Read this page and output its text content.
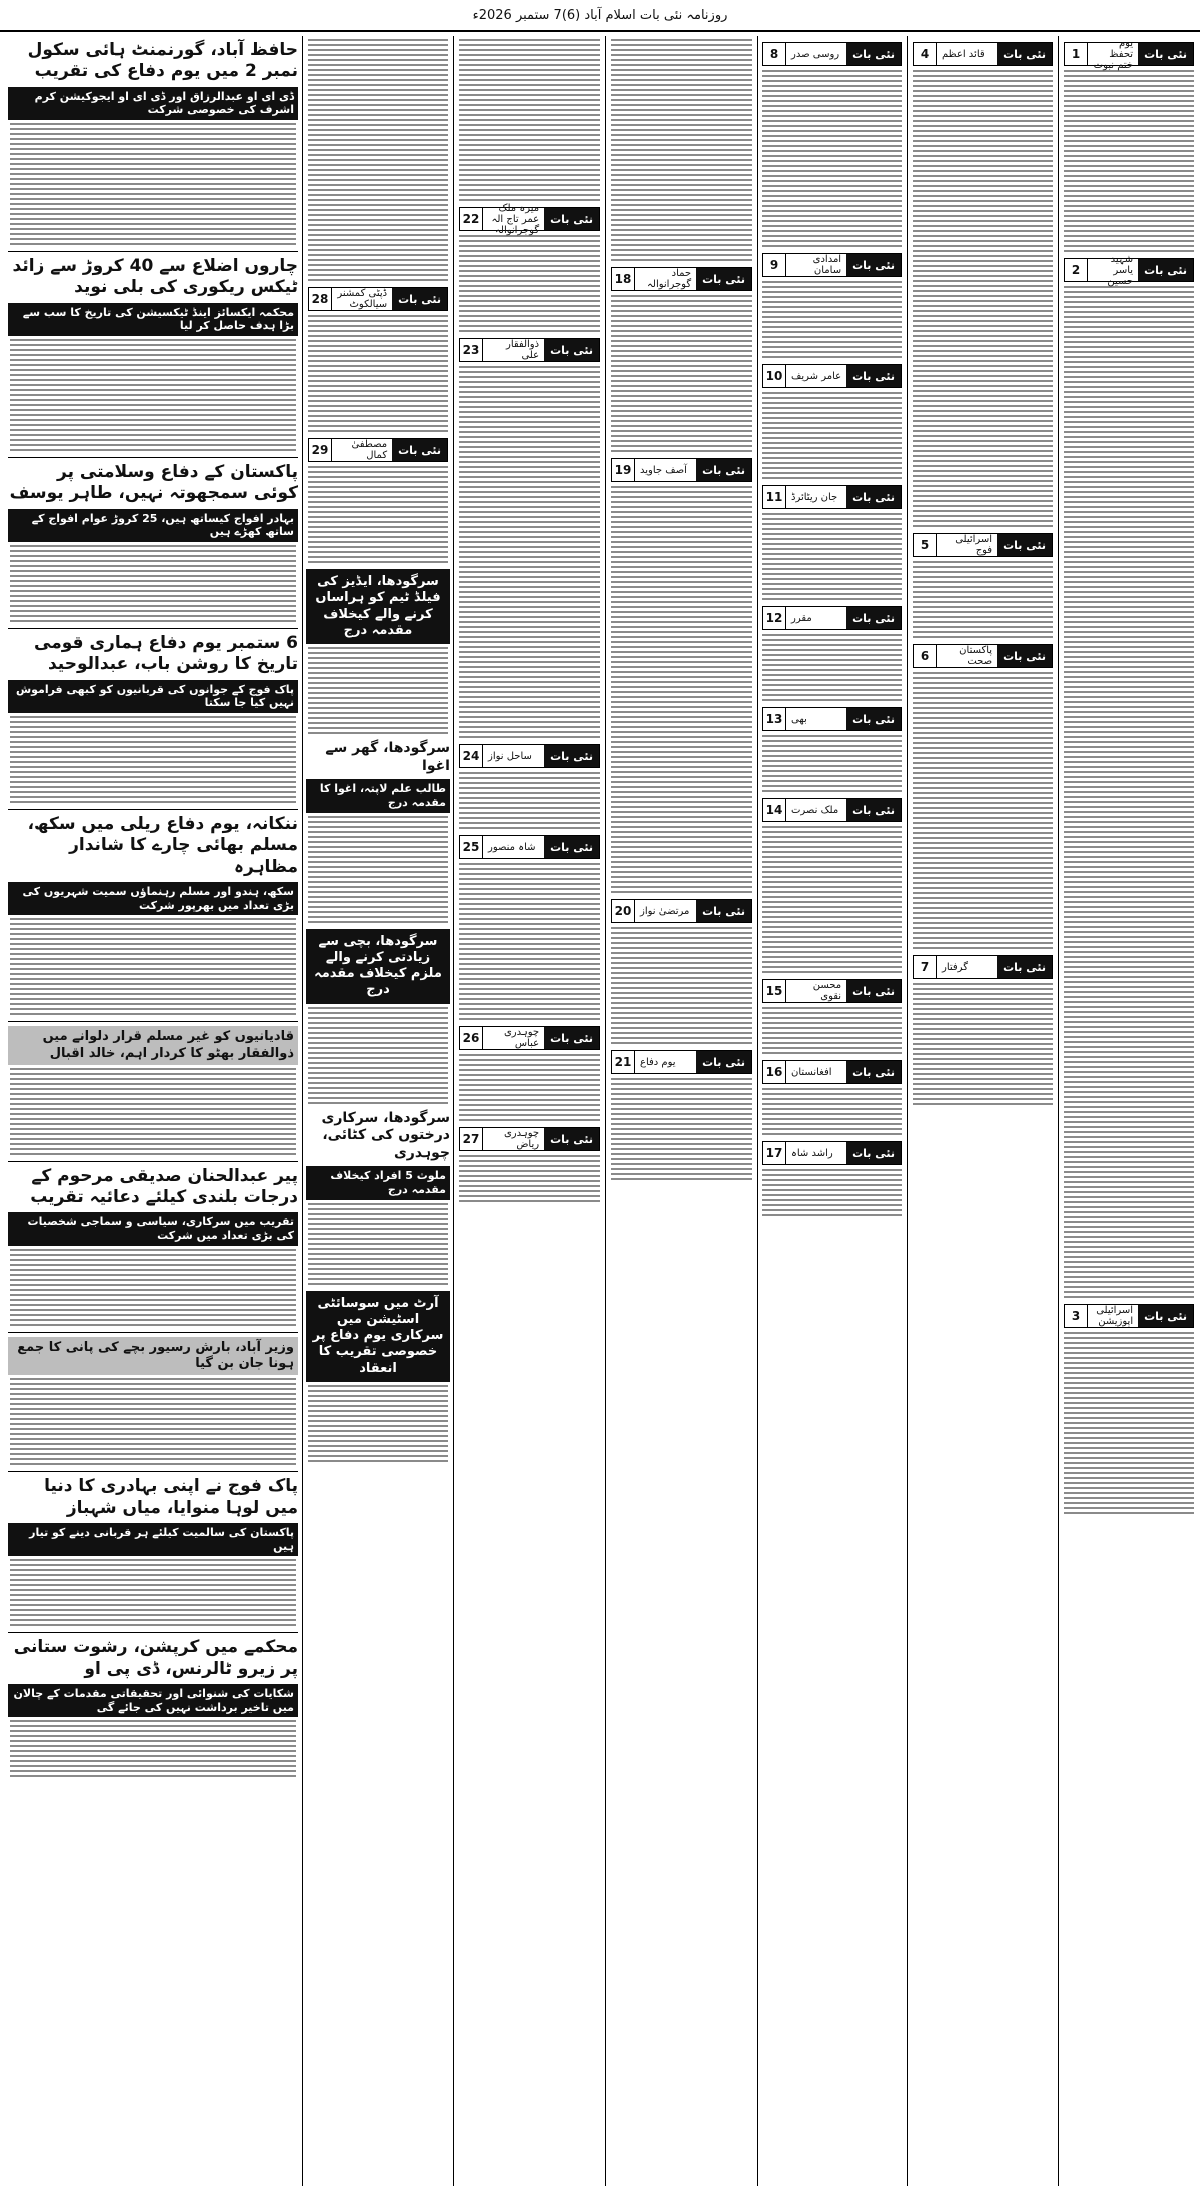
روزنامہ نئی بات اسلام آباد (6)7 ستمبر 2026ء
حافظ آباد، گورنمنٹ ہائی سکول نمبر 2 میں یوم دفاع کی تقریب
ڈی ای او عبدالرزاق اور ڈی ای او ایجوکیشن کرم اشرف کی خصوصی شرکت
چاروں اضلاع سے 40 کروڑ سے زائد ٹیکس ریکوری کی بلی نوید
محکمہ ایکسائز اینڈ ٹیکسیشن کی تاریخ کا سب سے بڑا ہدف حاصل کر لیا
پاکستان کے دفاع وسلامتی پر کوئی سمجھوتہ نہیں، طاہر یوسف
بہادر افواج کیساتھ ہیں، 25 کروڑ عوام افواج کے ساتھ کھڑے ہیں
6 ستمبر یوم دفاع ہماری قومی تاریخ کا روشن باب، عبدالوحید
پاک فوج کے جوانوں کی قربانیوں کو کبھی فراموش نہیں کیا جا سکتا
ننکانہ، یوم دفاع ریلی میں سکھ، مسلم بھائی چارے کا شاندار مظاہرہ
سکھ، ہندو اور مسلم رہنماؤں سمیت شہریوں کی بڑی تعداد میں بھرپور شرکت
قادیانیوں کو غیر مسلم قرار دلوانے میں ذوالفقار بھٹو کا کردار اہم، خالد اقبال
پیر عبدالحنان صدیقی مرحوم کے درجات بلندی کیلئے دعائیہ تقریب
تقریب میں سرکاری، سیاسی و سماجی شخصیات کی بڑی تعداد میں شرکت
وزیر آباد، بارش رسیور بچے کی پانی کا جمع ہونا جان بن گیا
پاک فوج نے اپنی بہادری کا دنیا میں لوہا منوایا، میاں شہباز
پاکستان کی سالمیت کیلئے ہر قربانی دینے کو تیار ہیں
محکمے میں کرپشن، رشوت ستانی پر زیرو ٹالرنس، ڈی پی او
شکایات کی شنوائی اور تحقیقاتی مقدمات کے چالان میں تاخیر برداشت نہیں کی جائے گی
نئی بات
ڈپٹی کمشنر سیالکوٹ
28
نئی بات
مصطفیٰ کمال
29
سرگودھا، ایڈیز کی فیلڈ ٹیم کو ہراساں کرنے والے کیخلاف مقدمہ درج
سرگودھا، گھر سے اغوا
طالب علم لاپتہ، اغوا کا مقدمہ درج
سرگودھا، بچی سے زیادتی کرنے والے ملزم کیخلاف مقدمہ درج
سرگودھا، سرکاری درختوں کی کٹائی، چوہدری
ملوث 5 افراد کیخلاف مقدمہ درج
آرٹ میں سوسائٹی اسٹیشن میں سرکاری یوم دفاع پر خصوصی تقریب کا انعقاد
نئی بات
میرہ ملک عمر تاج الہ گوجرانوالہ
22
نئی بات
ذوالفقار علی
23
نئی بات
ساحل نواز
24
نئی بات
شاہ منصور
25
نئی بات
چوہدری عباس
26
نئی بات
چوہدری ریاض
27
نئی بات
حماد گوجرانوالہ
18
نئی بات
آصف جاوید
19
نئی بات
مرتضیٰ نواز
20
نئی بات
یوم دفاع
21
نئی بات
روسی صدر
8
نئی بات
امدادی سامان
9
نئی بات
عامر شریف
10
نئی بات
جان ریٹائرڈ
11
نئی بات
مقرر
12
نئی بات
بھی
13
نئی بات
ملک نصرت
14
نئی بات
محسن نقوی
15
نئی بات
افغانستان
16
نئی بات
راشد شاہ
17
نئی بات
قائد اعظم
4
نئی بات
اسرائیلی فوج
5
نئی بات
پاکستان صحت
6
نئی بات
گرفتار
7
نئی بات
یوم تحفظ ختم نبوت
1
نئی بات
شہید یاسر حسین
2
نئی بات
اسرائیلی اپوزیشن
3
